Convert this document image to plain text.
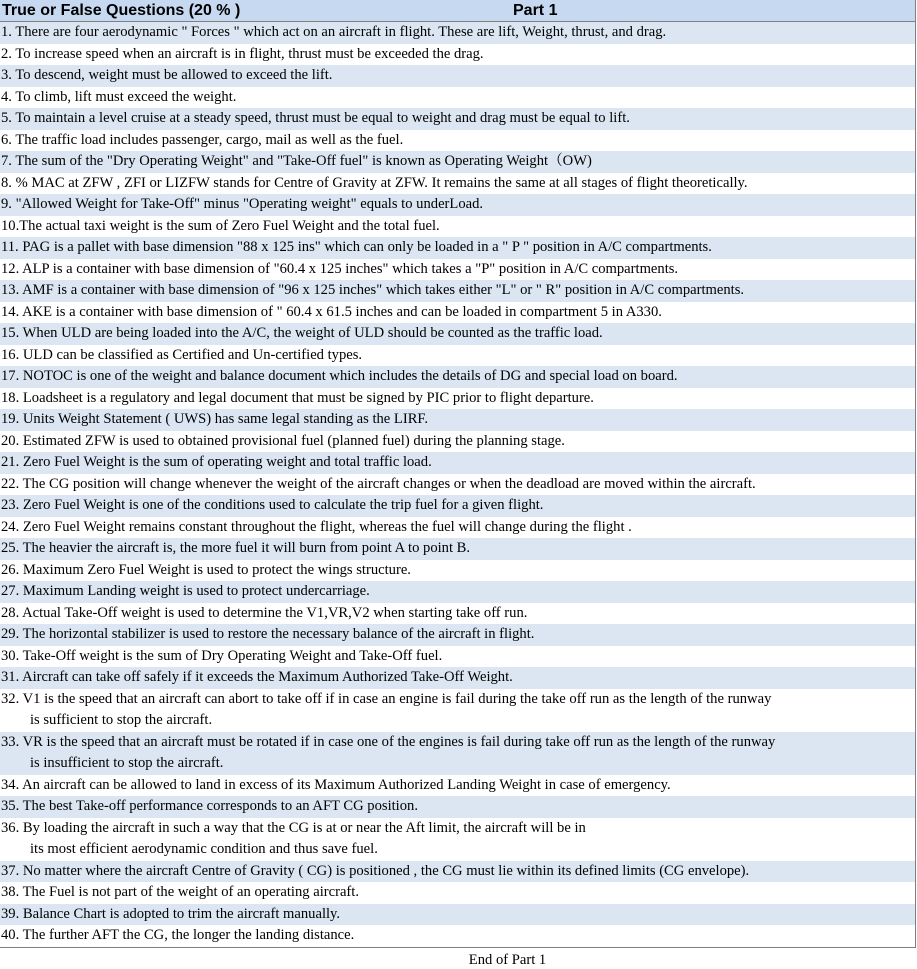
True or False Questions (20 % )	Part 1
1. There are four aerodynamic " Forces " which act on an aircraft in flight. These are lift, Weight, thrust, and drag.
2. To increase speed when an aircraft is in flight, thrust must be exceeded the drag.
3. To descend, weight must be allowed to exceed the lift.
4. To climb, lift must exceed the weight.
5. To maintain a level cruise at a steady speed, thrust must be equal to weight and drag must be equal to lift.
6. The traffic load includes passenger, cargo, mail as well as the fuel.
7. The sum of the "Dry Operating Weight" and "Take-Off fuel" is known as Operating Weight（OW)
8. % MAC at ZFW , ZFI or LIZFW stands for Centre of Gravity at ZFW. It remains the same at all stages of flight theoretically.
9. "Allowed Weight for Take-Off" minus "Operating weight" equals to underLoad.
10.The actual taxi weight is the sum of Zero Fuel Weight and the total fuel.
11. PAG is a pallet with base dimension "88 x 125 ins" which can only be loaded in a " P " position in A/C compartments.
12. ALP is a container with base dimension of "60.4 x 125 inches" which takes a "P" position in A/C compartments.
13. AMF is a container with base dimension of "96 x 125 inches" which takes either "L" or " R" position in A/C compartments.
14. AKE is a container with base dimension of " 60.4 x 61.5 inches and can be loaded in compartment 5 in A330.
15. When ULD are being loaded into the A/C, the weight of ULD should be counted as the traffic load.
16. ULD can be classified as Certified and Un-certified types.
17. NOTOC is one of the weight and balance document which includes the details of DG and special load on board.
18. Loadsheet is a regulatory and legal document that must be signed by PIC prior to flight departure.
19. Units Weight Statement ( UWS) has same legal standing as the LIRF.
20. Estimated ZFW is used to obtained provisional fuel (planned fuel) during the planning stage.
21. Zero Fuel Weight is the sum of operating weight and total traffic load.
22. The CG position will change whenever the weight of the aircraft changes or when the deadload are moved within the aircraft.
23. Zero Fuel Weight is one of the conditions used to calculate the trip fuel for a given flight.
24. Zero Fuel Weight remains constant throughout the flight, whereas the fuel will change during the flight .
25. The heavier the aircraft is, the more fuel it will burn from point A to point B.
26. Maximum Zero Fuel Weight is used to protect the wings structure.
27. Maximum Landing weight is used to protect undercarriage.
28. Actual Take-Off weight is used to determine the V1,VR,V2 when starting take off run.
29. The horizontal stabilizer is used to restore the necessary balance of the aircraft in flight.
30. Take-Off weight is the sum of Dry Operating Weight and Take-Off fuel.
31. Aircraft can take off safely if it exceeds the Maximum Authorized Take-Off Weight.
32. V1 is the speed that an aircraft can abort to take off if in case an engine is fail during the take off run as the length of the runway
is sufficient to stop the aircraft.
33. VR is the speed that an aircraft must be rotated if in case one of the engines is fail during take off run as the length of the runway
is insufficient to stop the aircraft.
34. An aircraft can be allowed to land in excess of its Maximum Authorized Landing Weight in case of emergency.
35. The best Take-off performance corresponds to an AFT CG position.
36. By loading the aircraft in such a way that the CG is at or near the Aft limit, the aircraft will be in
its most efficient aerodynamic condition and thus save fuel.
37. No matter where the aircraft Centre of Gravity ( CG) is positioned , the CG must lie within its defined limits (CG envelope).
38. The Fuel is not part of the weight of an operating aircraft.
39. Balance Chart is adopted to trim the aircraft manually.
40. The further AFT the CG, the longer the landing distance.
End of Part 1
